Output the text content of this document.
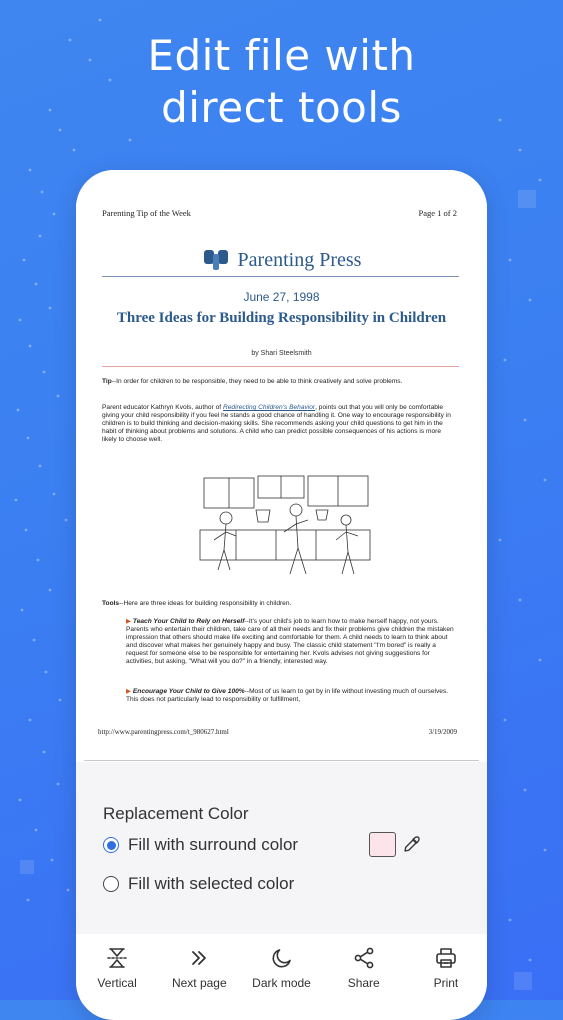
Edit file with
direct tools
Parenting Tip of the Week	Page 1 of 2
Parenting Press
June 27, 1998
Three Ideas for Building Responsibility in Children
by Shari Steelsmith
Tip--In order for children to be responsible, they need to be able to think creatively and solve problems.
Parent educator Kathryn Kvols, author of Redirecting Children's Behavior, points out that you will only be comfortable giving your child responsibility if you feel he stands a good chance of handling it. One way to encourage responsibility in children is to build thinking and decision-making skills. She recommends asking your child questions to get him in the habit of thinking about problems and solutions. A child who can predict possible consequences of his actions is more likely to choose well.
Tools--Here are three ideas for building responsibility in children.
▶ Teach Your Child to Rely on Herself--It's your child's job to learn how to make herself happy, not yours. Parents who entertain their children, take care of all their needs and fix their problems give children the mistaken impression that others should make life exciting and comfortable for them. A child needs to learn to think about and discover what makes her genuinely happy and busy. The classic child statement "I'm bored" is really a request for someone else to be responsible for entertaining her. Kvols advises not giving suggestions for activities, but asking, "What will you do?" in a friendly, interested way.
▶ Encourage Your Child to Give 100%--Most of us learn to get by in life without investing much of ourselves. This does not particularly lead to responsibility or fulfillment,
http://www.parentingpress.com/t_980627.html	3/19/2009
Replacement Color
Fill with surround color
Fill with selected color
Vertical	Next page Dark mode	Share	Print
